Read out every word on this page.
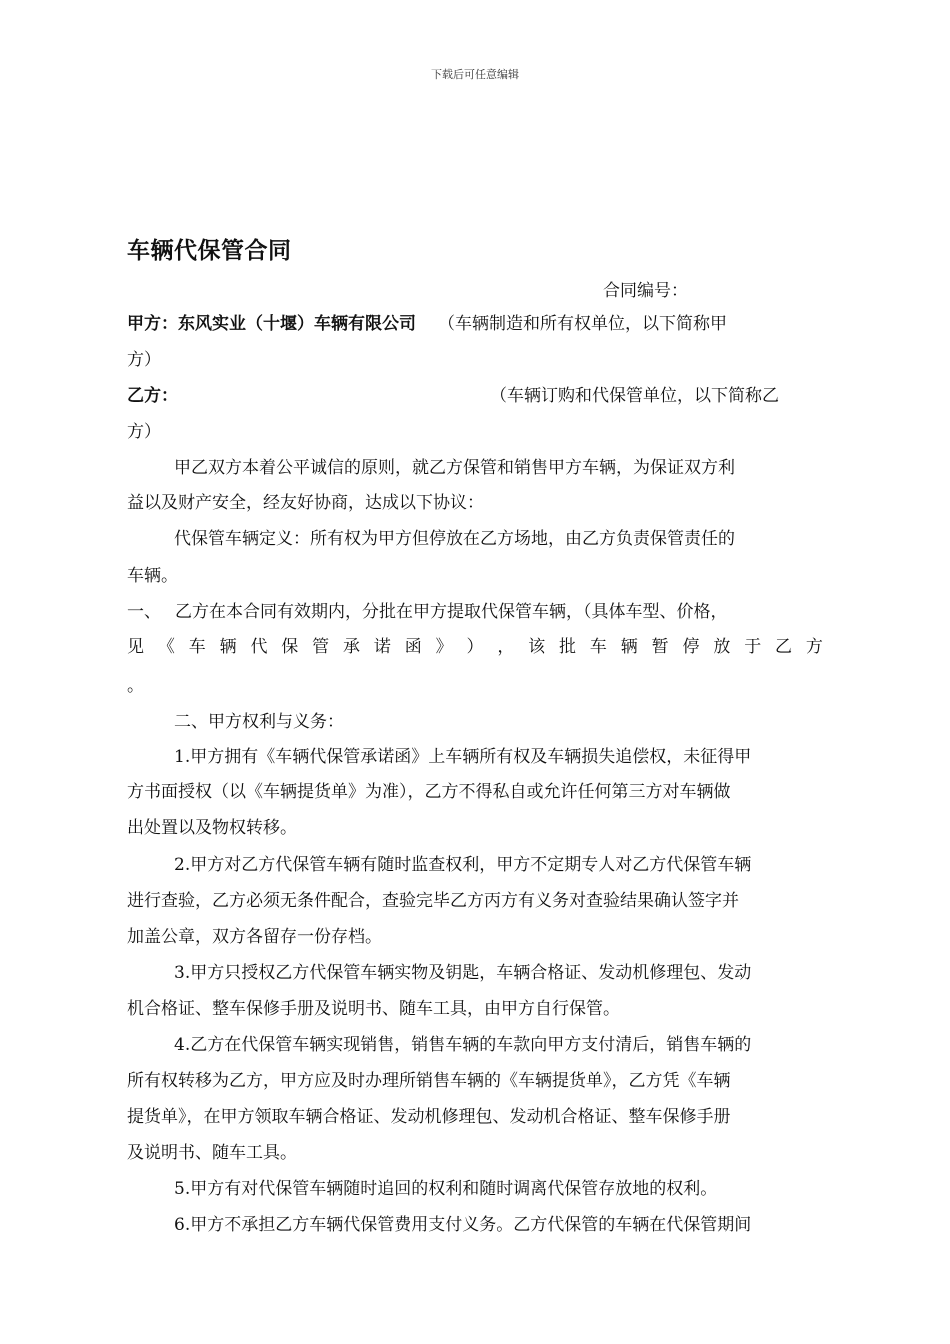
下载后可任意编辑
车辆代保管合同
合同编号：
甲方：东风实业（十堰）车辆有限公司 （车辆制造和所有权单位，以下简称甲
方）
乙方：	（车辆订购和代保管单位，以下简称乙
方）
甲乙双方本着公平诚信的原则，就乙方保管和销售甲方车辆，为保证双方利
益以及财产安全，经友好协商，达成以下协议：
代保管车辆定义：所有权为甲方但停放在乙方场地，由乙方负责保管责任的
车辆。
一、 乙方在本合同有效期内，分批在甲方提取代保管车辆，（具体车型、价格，
见 《 车 辆 代 保 管 承 诺 函 》 ） ， 该 批 车 辆 暂 停 放 于 乙 方
。
二、甲方权利与义务：
1.甲方拥有《车辆代保管承诺函》上车辆所有权及车辆损失追偿权，未征得甲
方书面授权（以《车辆提货单》为准），乙方不得私自或允许任何第三方对车辆做
出处置以及物权转移。
2.甲方对乙方代保管车辆有随时监查权利，甲方不定期专人对乙方代保管车辆
进行查验，乙方必须无条件配合，查验完毕乙方丙方有义务对查验结果确认签字并
加盖公章，双方各留存一份存档。
3.甲方只授权乙方代保管车辆实物及钥匙，车辆合格证、发动机修理包、发动
机合格证、整车保修手册及说明书、随车工具，由甲方自行保管。
4.乙方在代保管车辆实现销售，销售车辆的车款向甲方支付清后，销售车辆的
所有权转移为乙方，甲方应及时办理所销售车辆的《车辆提货单》，乙方凭《车辆
提货单》，在甲方领取车辆合格证、发动机修理包、发动机合格证、整车保修手册
及说明书、随车工具。
5.甲方有对代保管车辆随时追回的权利和随时调离代保管存放地的权利。
6.甲方不承担乙方车辆代保管费用支付义务。乙方代保管的车辆在代保管期间
